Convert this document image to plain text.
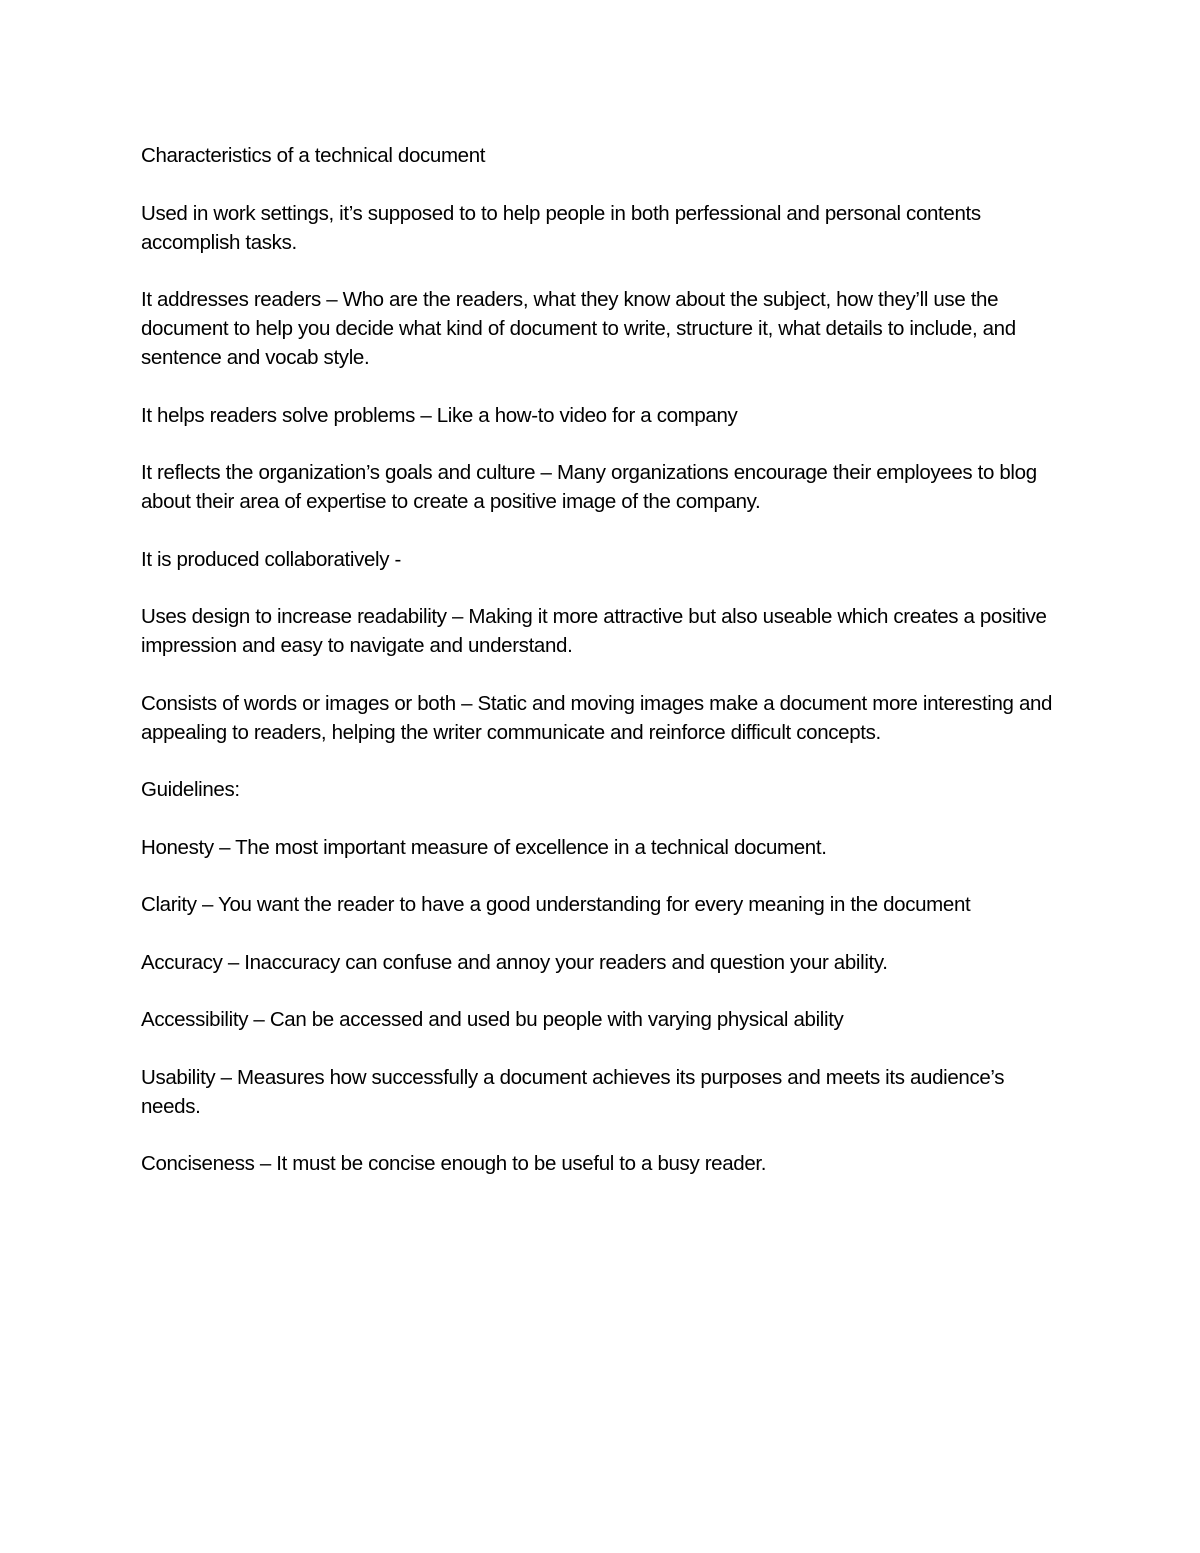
Characteristics of a technical document

Used in work settings, it’s supposed to to help people in both perfessional and personal contents accomplish tasks.

It addresses readers – Who are the readers, what they know about the subject, how they’ll use the document to help you decide what kind of document to write, structure it, what details to include, and sentence and vocab style.

It helps readers solve problems – Like a how-to video for a company

It reflects the organization’s goals and culture – Many organizations encourage their employees to blog about their area of expertise to create a positive image of the company.

It is produced collaboratively -

Uses design to increase readability – Making it more attractive but also useable which creates a positive impression and easy to navigate and understand.

Consists of words or images or both – Static and moving images make a document more interesting and appealing to readers, helping the writer communicate and reinforce difficult concepts.

Guidelines:

Honesty – The most important measure of excellence in a technical document.

Clarity – You want the reader to have a good understanding for every meaning in the document

Accuracy – Inaccuracy can confuse and annoy your readers and question your ability.

Accessibility – Can be accessed and used bu people with varying physical ability

Usability – Measures how successfully a document achieves its purposes and meets its audience’s needs.

Conciseness – It must be concise enough to be useful to a busy reader.
